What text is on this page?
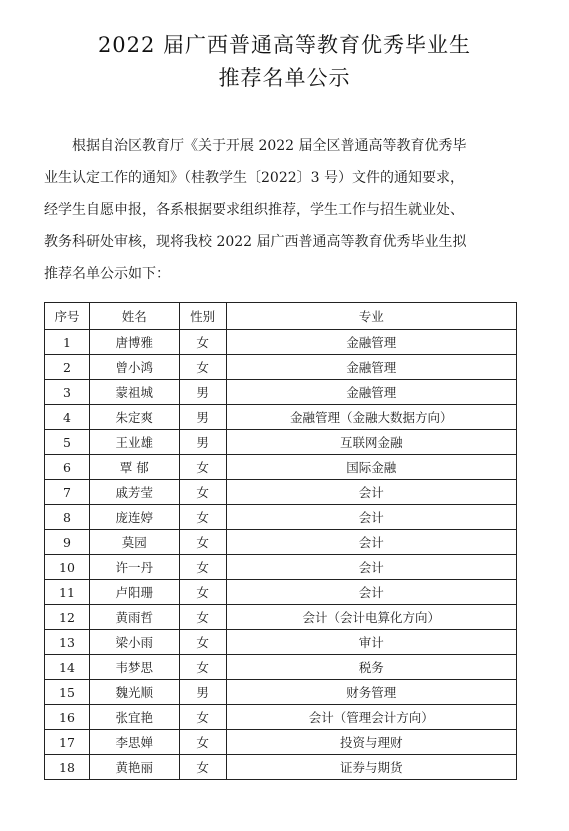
2022 届广西普通高等教育优秀毕业生
推荐名单公示
根据自治区教育厅《关于开展 2022 届全区普通高等教育优秀毕
业生认定工作的通知》（桂教学生〔2022〕3 号）文件的通知要求，
经学生自愿申报，各系根据要求组织推荐，学生工作与招生就业处、
教务科研处审核，现将我校 2022 届广西普通高等教育优秀毕业生拟
推荐名单公示如下：
序号	姓名	性别	专业
1	唐博雅	女	金融管理
2	曾小鸿	女	金融管理
3	蒙祖城	男	金融管理
4	朱定爽	男	金融管理（金融大数据方向）
5	王业雄	男	互联网金融
6	覃 郁	女	国际金融
7	戚芳莹	女	会计
8	庞连婷	女	会计
9	莫园	女	会计
10	许一丹	女	会计
11	卢阳珊	女	会计
12	黄雨哲	女	会计（会计电算化方向）
13	梁小雨	女	审计
14	韦梦思	女	税务
15	魏光顺	男	财务管理
16	张宜艳	女	会计（管理会计方向）
17	李思婵	女	投资与理财
18	黄艳丽	女	证券与期货
